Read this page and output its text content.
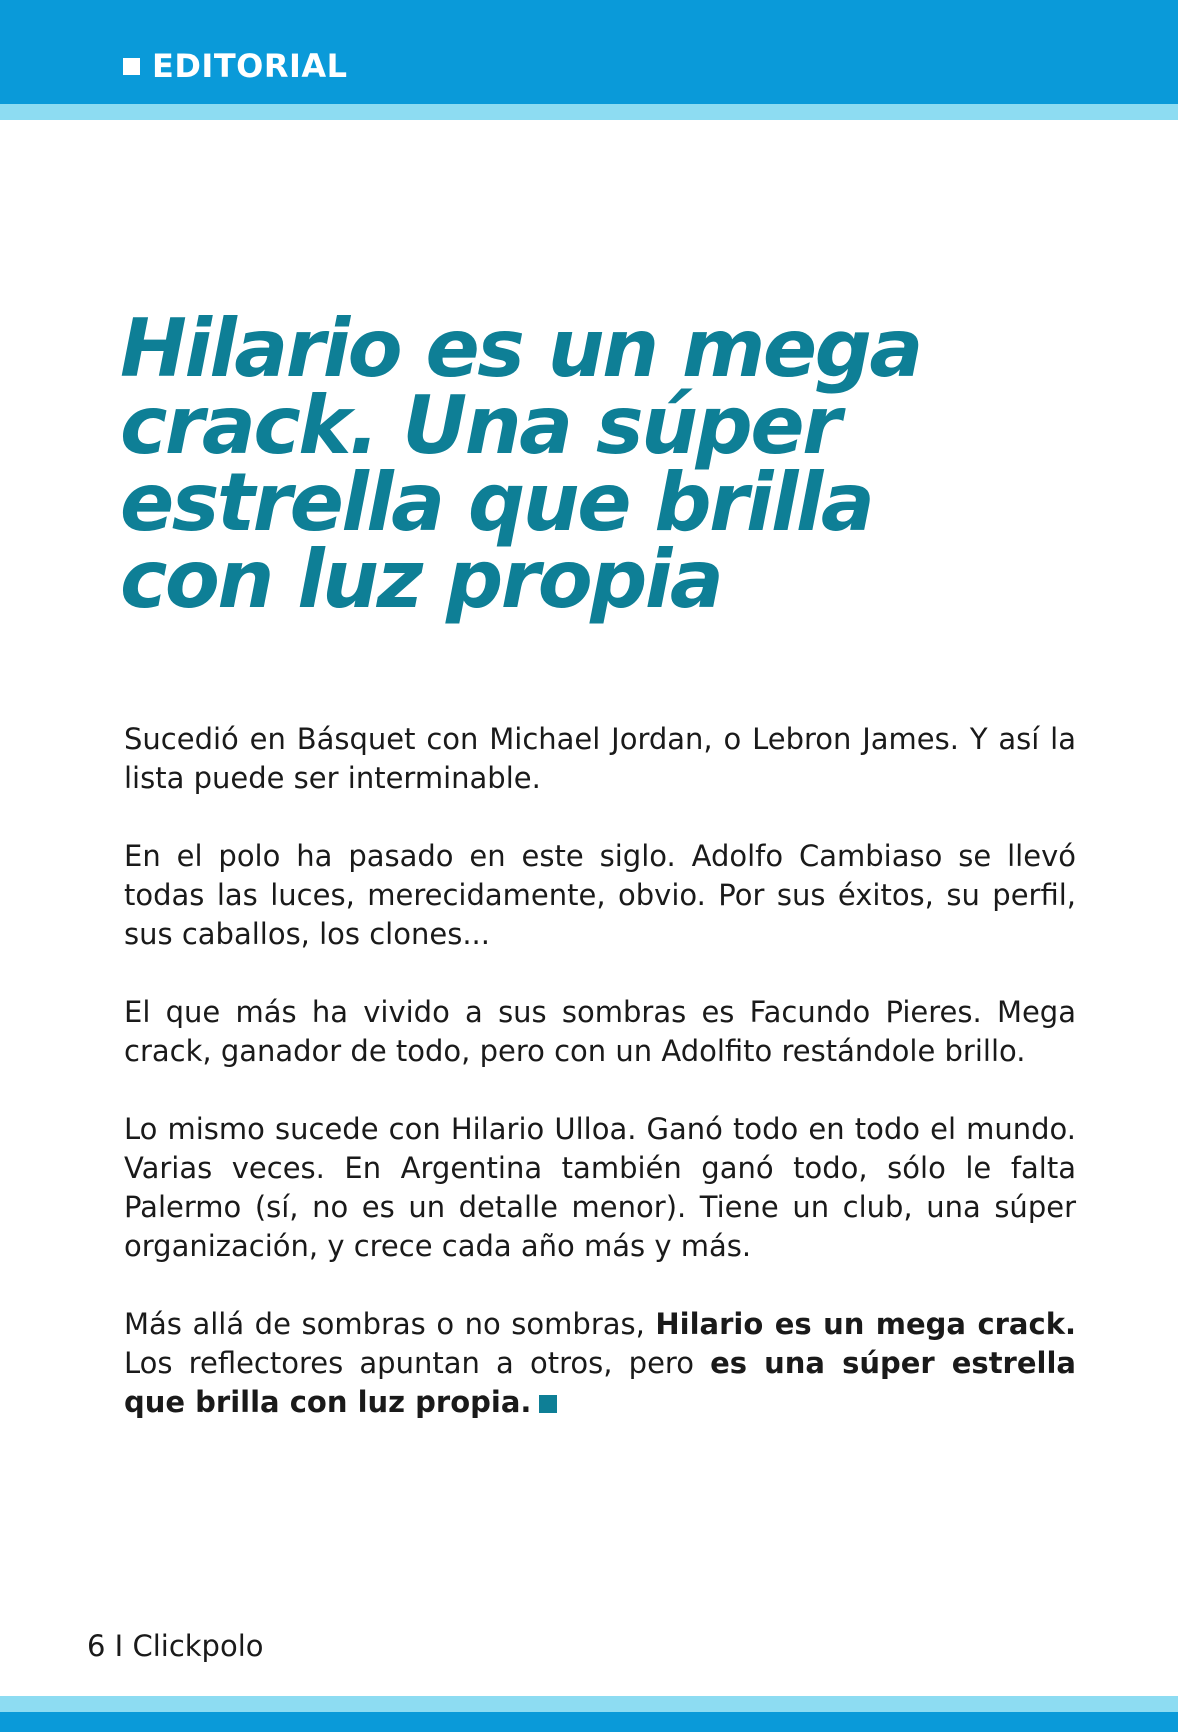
EDITORIAL
Hilario es un mega
crack. Una súper
estrella que brilla
con luz propia

Sucedió en Básquet con Michael Jordan, o Lebron James. Y así la lista puede ser interminable.

En el polo ha pasado en este siglo. Adolfo Cambiaso se llevó todas las luces, merecidamente, obvio. Por sus éxitos, su perfil, sus caballos, los clones...

El que más ha vivido a sus sombras es Facundo Pieres. Mega crack, ganador de todo, pero con un Adolfito restándole brillo.

Lo mismo sucede con Hilario Ulloa. Ganó todo en todo el mundo. Varias veces. En Argentina también ganó todo, sólo le falta Palermo (sí, no es un detalle menor). Tiene un club, una súper organización, y crece cada año más y más.

Más allá de sombras o no sombras, Hilario es un mega crack. Los reflectores apuntan a otros, pero es una súper estrella que brilla con luz propia.

6 I Clickpolo
